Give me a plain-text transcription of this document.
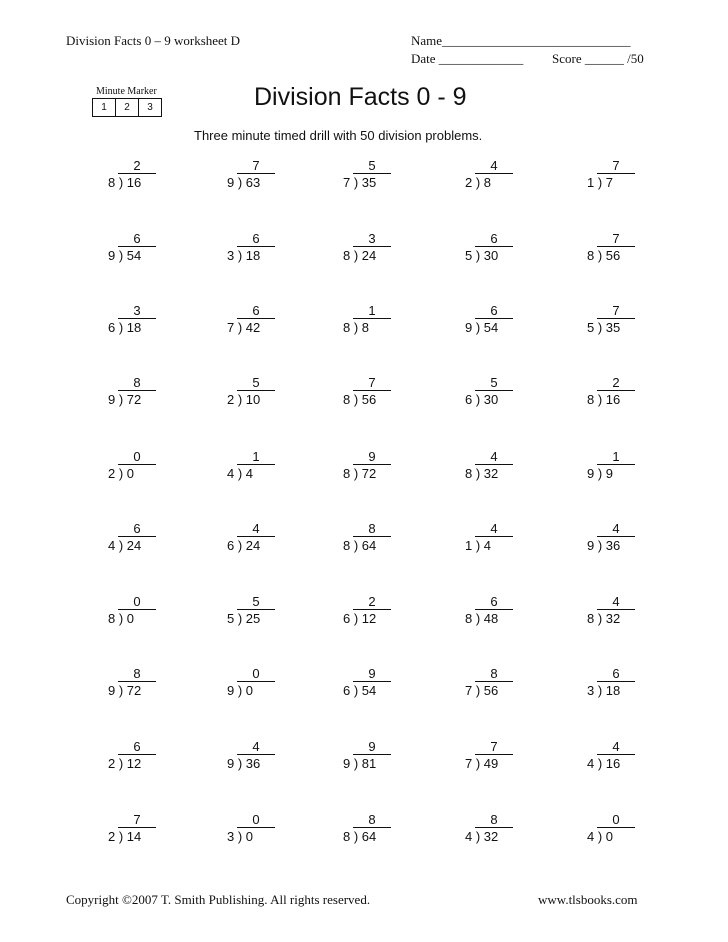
Division Facts 0 – 9 worksheet D	Name_____________________________
Date _____________ Score ______ /50
Minute Marker
1	2	3	Division Facts 0 - 9
Three minute timed drill with 50 division problems.
2
8 ) 16
7
9 ) 63
5
7 ) 35
4
2 ) 8
7
1 ) 7
6
9 ) 54
6
3 ) 18
3
8 ) 24
6
5 ) 30
7
8 ) 56
3
6 ) 18
6
7 ) 42
1
8 ) 8
6
9 ) 54
7
5 ) 35
8
9 ) 72
5
2 ) 10
7
8 ) 56
5
6 ) 30
2
8 ) 16
0
2 ) 0
1
4 ) 4
9
8 ) 72
4
8 ) 32
1
9 ) 9
6
4 ) 24
4
6 ) 24
8
8 ) 64
4
1 ) 4
4
9 ) 36
0
8 ) 0
5
5 ) 25
2
6 ) 12
6
8 ) 48
4
8 ) 32
8
9 ) 72
0
9 ) 0
9
6 ) 54
8
7 ) 56
6
3 ) 18
6
2 ) 12
4
9 ) 36
9
9 ) 81
7
7 ) 49
4
4 ) 16
7
2 ) 14
0
3 ) 0
8
8 ) 64
8
4 ) 32
0
4 ) 0
Copyright ©2007 T. Smith Publishing. All rights reserved.	www.tlsbooks.com
